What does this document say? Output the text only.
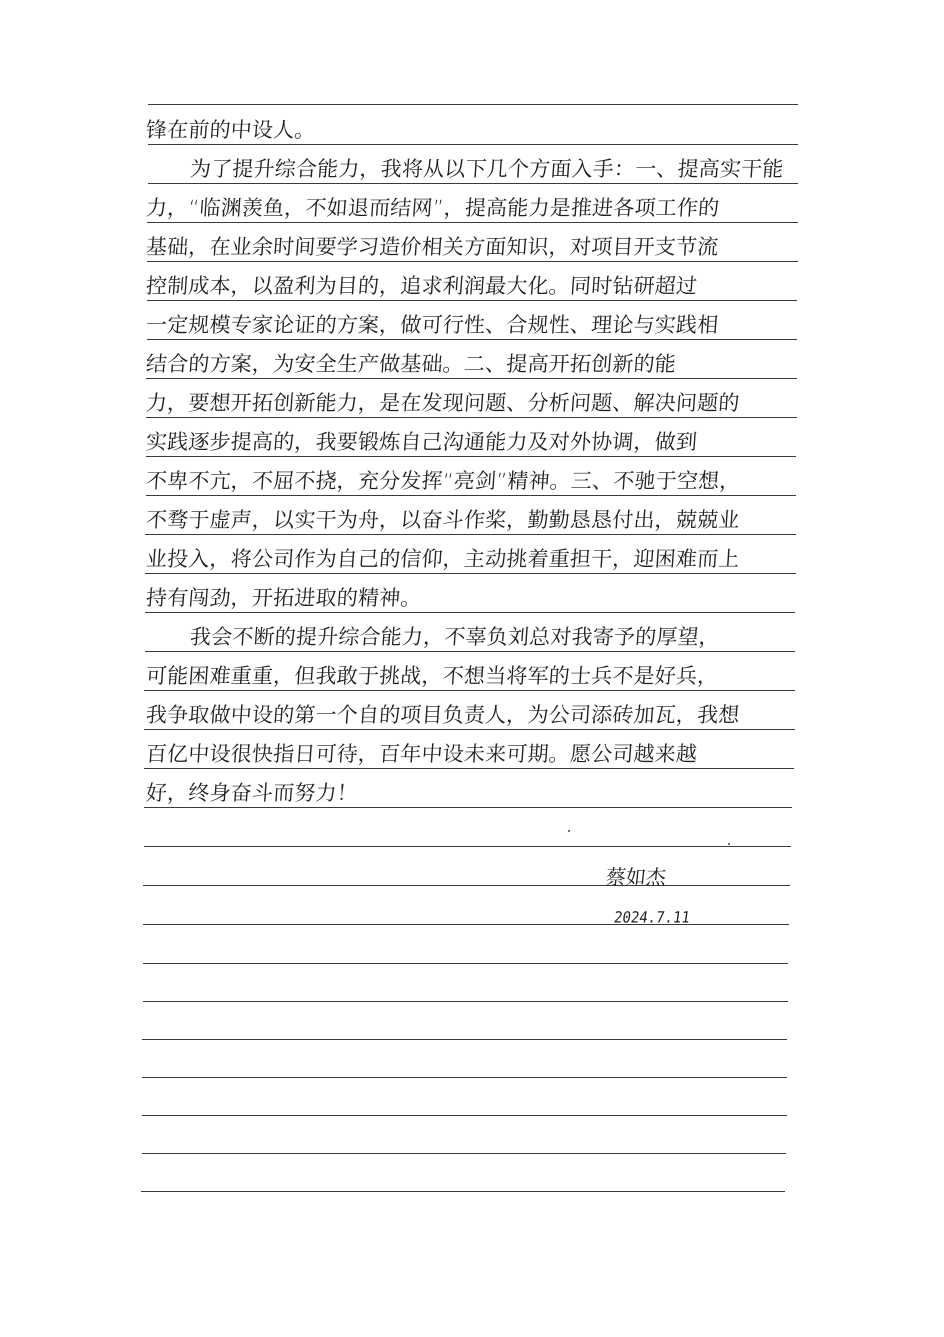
锋在前的中设人。
为了提升综合能力，我将从以下几个方面入手：一、提高实干能
力，“临渊羡鱼，不如退而结网”，提高能力是推进各项工作的
基础，在业余时间要学习造价相关方面知识，对项目开支节流
控制成本，以盈利为目的，追求利润最大化。同时钻研超过
一定规模专家论证的方案，做可行性、合规性、理论与实践相
结合的方案，为安全生产做基础。二、提高开拓创新的能
力，要想开拓创新能力，是在发现问题、分析问题、解决问题的
实践逐步提高的，我要锻炼自己沟通能力及对外协调，做到
不卑不亢，不屈不挠，充分发挥“亮剑”精神。三、不驰于空想，
不骛于虚声，以实干为舟，以奋斗作桨，勤勤恳恳付出，兢兢业
业投入，将公司作为自己的信仰，主动挑着重担干，迎困难而上
持有闯劲，开拓进取的精神。
我会不断的提升综合能力，不辜负刘总对我寄予的厚望，
可能困难重重，但我敢于挑战，不想当将军的士兵不是好兵，
我争取做中设的第一个自的项目负责人，为公司添砖加瓦，我想
百亿中设很快指日可待，百年中设未来可期。愿公司越来越
好，终身奋斗而努力！
蔡如杰
2024.7.11
